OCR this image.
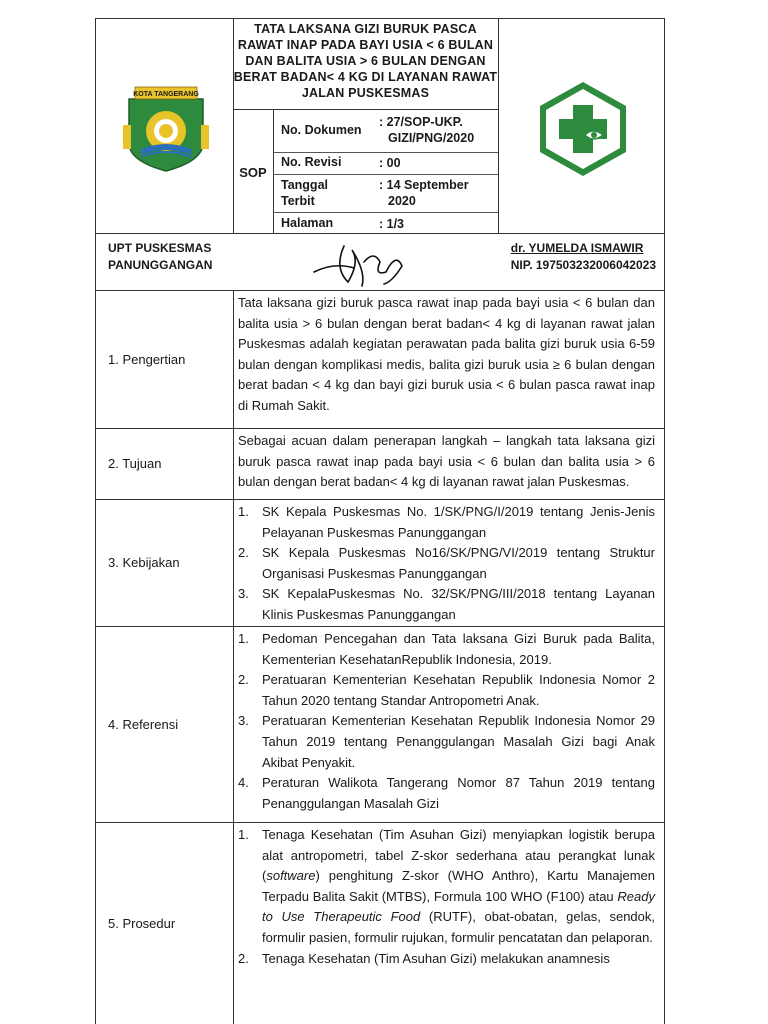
KOTA TANGERANG
TATA LAKSANA GIZI BURUK PASCA RAWAT INAP PADA BAYI USIA < 6 BULAN DAN BALITA USIA > 6 BULAN DENGAN BERAT BADAN< 4 KG DI LAYANAN RAWAT JALAN PUSKESMAS
SOP
No. Dokumen
: 27/SOP-UKP.
GIZI/PNG/2020
No. Revisi	: 00
Tanggal
Terbit
: 14 September
2020
Halaman	: 1/3
UPT PUSKESMAS
PANUNGGANGAN
dr. YUMELDA ISMAWIR
NIP. 197503232006042023
1. Pengertian

Tata laksana gizi buruk pasca rawat inap pada bayi usia < 6 bulan dan balita usia > 6 bulan dengan berat badan< 4 kg di layanan rawat jalan Puskesmas adalah kegiatan perawatan pada balita gizi buruk usia 6-59 bulan dengan komplikasi medis, balita gizi buruk usia ≥ 6 bulan dengan berat badan < 4 kg dan bayi gizi buruk usia < 6 bulan pasca rawat inap di Rumah Sakit.

2. Tujuan

Sebagai acuan dalam penerapan langkah – langkah tata laksana gizi buruk pasca rawat inap pada bayi usia < 6 bulan dan balita usia > 6 bulan dengan berat badan< 4 kg di layanan rawat jalan Puskesmas.

3. Kebijakan
1. SK Kepala Puskesmas No. 1/SK/PNG/I/2019 tentang Jenis-Jenis Pelayanan Puskesmas Panunggangan
2. SK Kepala Puskesmas No16/SK/PNG/VI/2019 tentang Struktur Organisasi Puskesmas Panunggangan
3. SK KepalaPuskesmas No. 32/SK/PNG/III/2018 tentang Layanan Klinis Puskesmas Panunggangan
4. Referensi
1. Pedoman Pencegahan dan Tata laksana Gizi Buruk pada Balita, Kementerian KesehatanRepublik Indonesia, 2019.
2. Peratuaran Kementerian Kesehatan Republik Indonesia Nomor 2 Tahun 2020 tentang Standar Antropometri Anak.
3. Peratuaran Kementerian Kesehatan Republik Indonesia Nomor 29 Tahun 2019 tentang Penanggulangan Masalah Gizi bagi Anak Akibat Penyakit.
4. Peraturan Walikota Tangerang Nomor 87 Tahun 2019 tentang Penanggulangan Masalah Gizi
5. Prosedur
1. Tenaga Kesehatan (Tim Asuhan Gizi) menyiapkan logistik berupa alat antropometri, tabel Z-skor sederhana atau perangkat lunak (software) penghitung Z-skor (WHO Anthro), Kartu Manajemen Terpadu Balita Sakit (MTBS), Formula 100 WHO (F100) atau Ready to Use Therapeutic Food (RUTF), obat-obatan, gelas, sendok, formulir pasien, formulir rujukan, formulir pencatatan dan pelaporan.
2. Tenaga Kesehatan (Tim Asuhan Gizi) melakukan anamnesis
